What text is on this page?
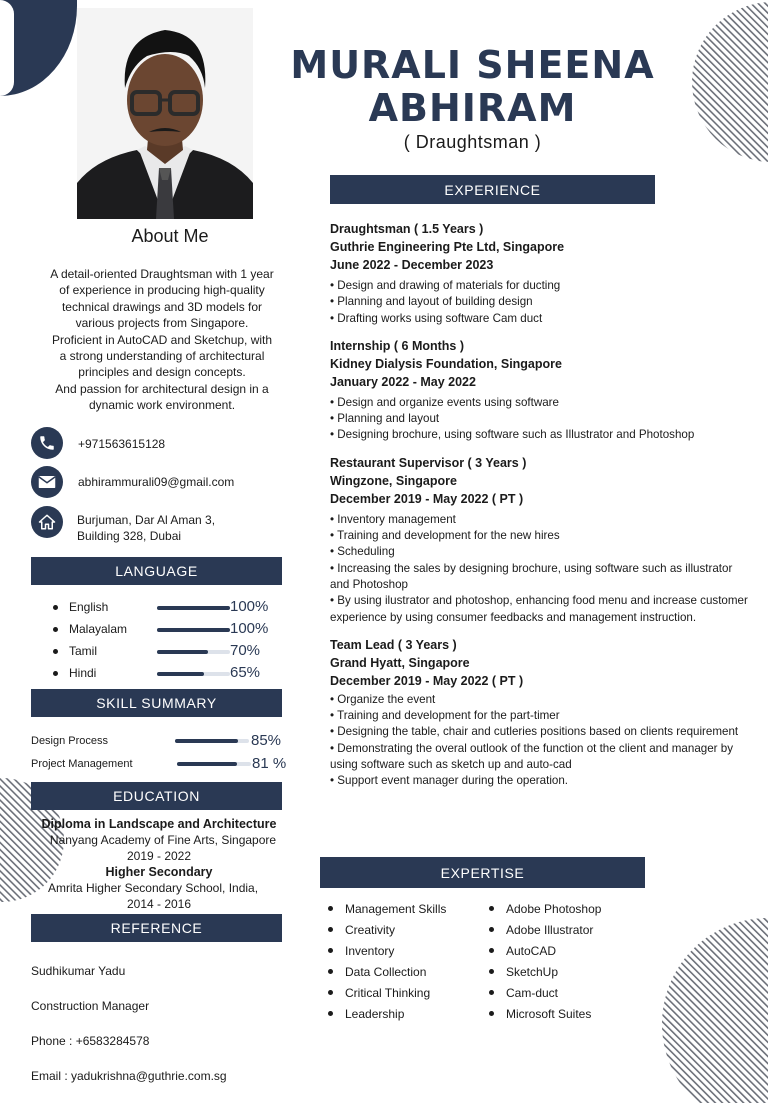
MURALI SHEENA
ABHIRAM
( Draughtsman )
About Me
A detail-oriented Draughtsman with 1 year
of experience in producing high-quality
technical drawings and 3D models for
various projects from Singapore.
Proficient in AutoCAD and Sketchup, with
a strong understanding of architectural
principles and design concepts.
And passion for architectural design in a
dynamic work environment.
+971563615128
abhirammurali09@gmail.com
Burjuman, Dar Al Aman 3,
Building 328, Dubai
LANGUAGE
English	100%
Malayalam	100%
Tamil	70%
Hindi	65%
SKILL SUMMARY
Design Process	85%
Project Management	81 %
EDUCATION
Diploma in Landscape and Architecture
Nanyang Academy of Fine Arts, Singapore
2019 - 2022
Higher Secondary
Amrita Higher Secondary School, India,
2014 - 2016
REFERENCE

Sudhikumar Yadu

Construction Manager

Phone : +6583284578

Email : yadukrishna@guthrie.com.sg

EXPERIENCE
Draughtsman ( 1.5 Years )
Guthrie Engineering Pte Ltd, Singapore
June 2022 - December 2023
• Design and drawing of materials for ducting
• Planning and layout of building design
• Drafting works using software Cam duct
Internship ( 6 Months )
Kidney Dialysis Foundation, Singapore
January 2022 - May 2022
• Design and organize events using software
• Planning and layout
• Designing brochure, using software such as Illustrator and Photoshop
Restaurant Supervisor ( 3 Years )
Wingzone, Singapore
December 2019 - May 2022 ( PT )
• Inventory management
• Training and development for the new hires
• Scheduling
• Increasing the sales by designing brochure, using software such as illustrator and Photoshop
• By using ilustrator and photoshop, enhancing food menu and increase customer experience by using consumer feedbacks and management instruction.
Team Lead ( 3 Years )
Grand Hyatt, Singapore
December 2019 - May 2022 ( PT )
• Organize the event
• Training and development for the part-timer
• Designing the table, chair and cutleries positions based on clients requirement
• Demonstrating the overal outlook of the function ot the client and manager by using software such as sketch up and auto-cad
• Support event manager during the operation.
EXPERTISE
Management Skills
Creativity
Inventory
Data Collection
Critical Thinking
Leadership
Adobe Photoshop
Adobe Illustrator
AutoCAD
SketchUp
Cam-duct
Microsoft Suites
